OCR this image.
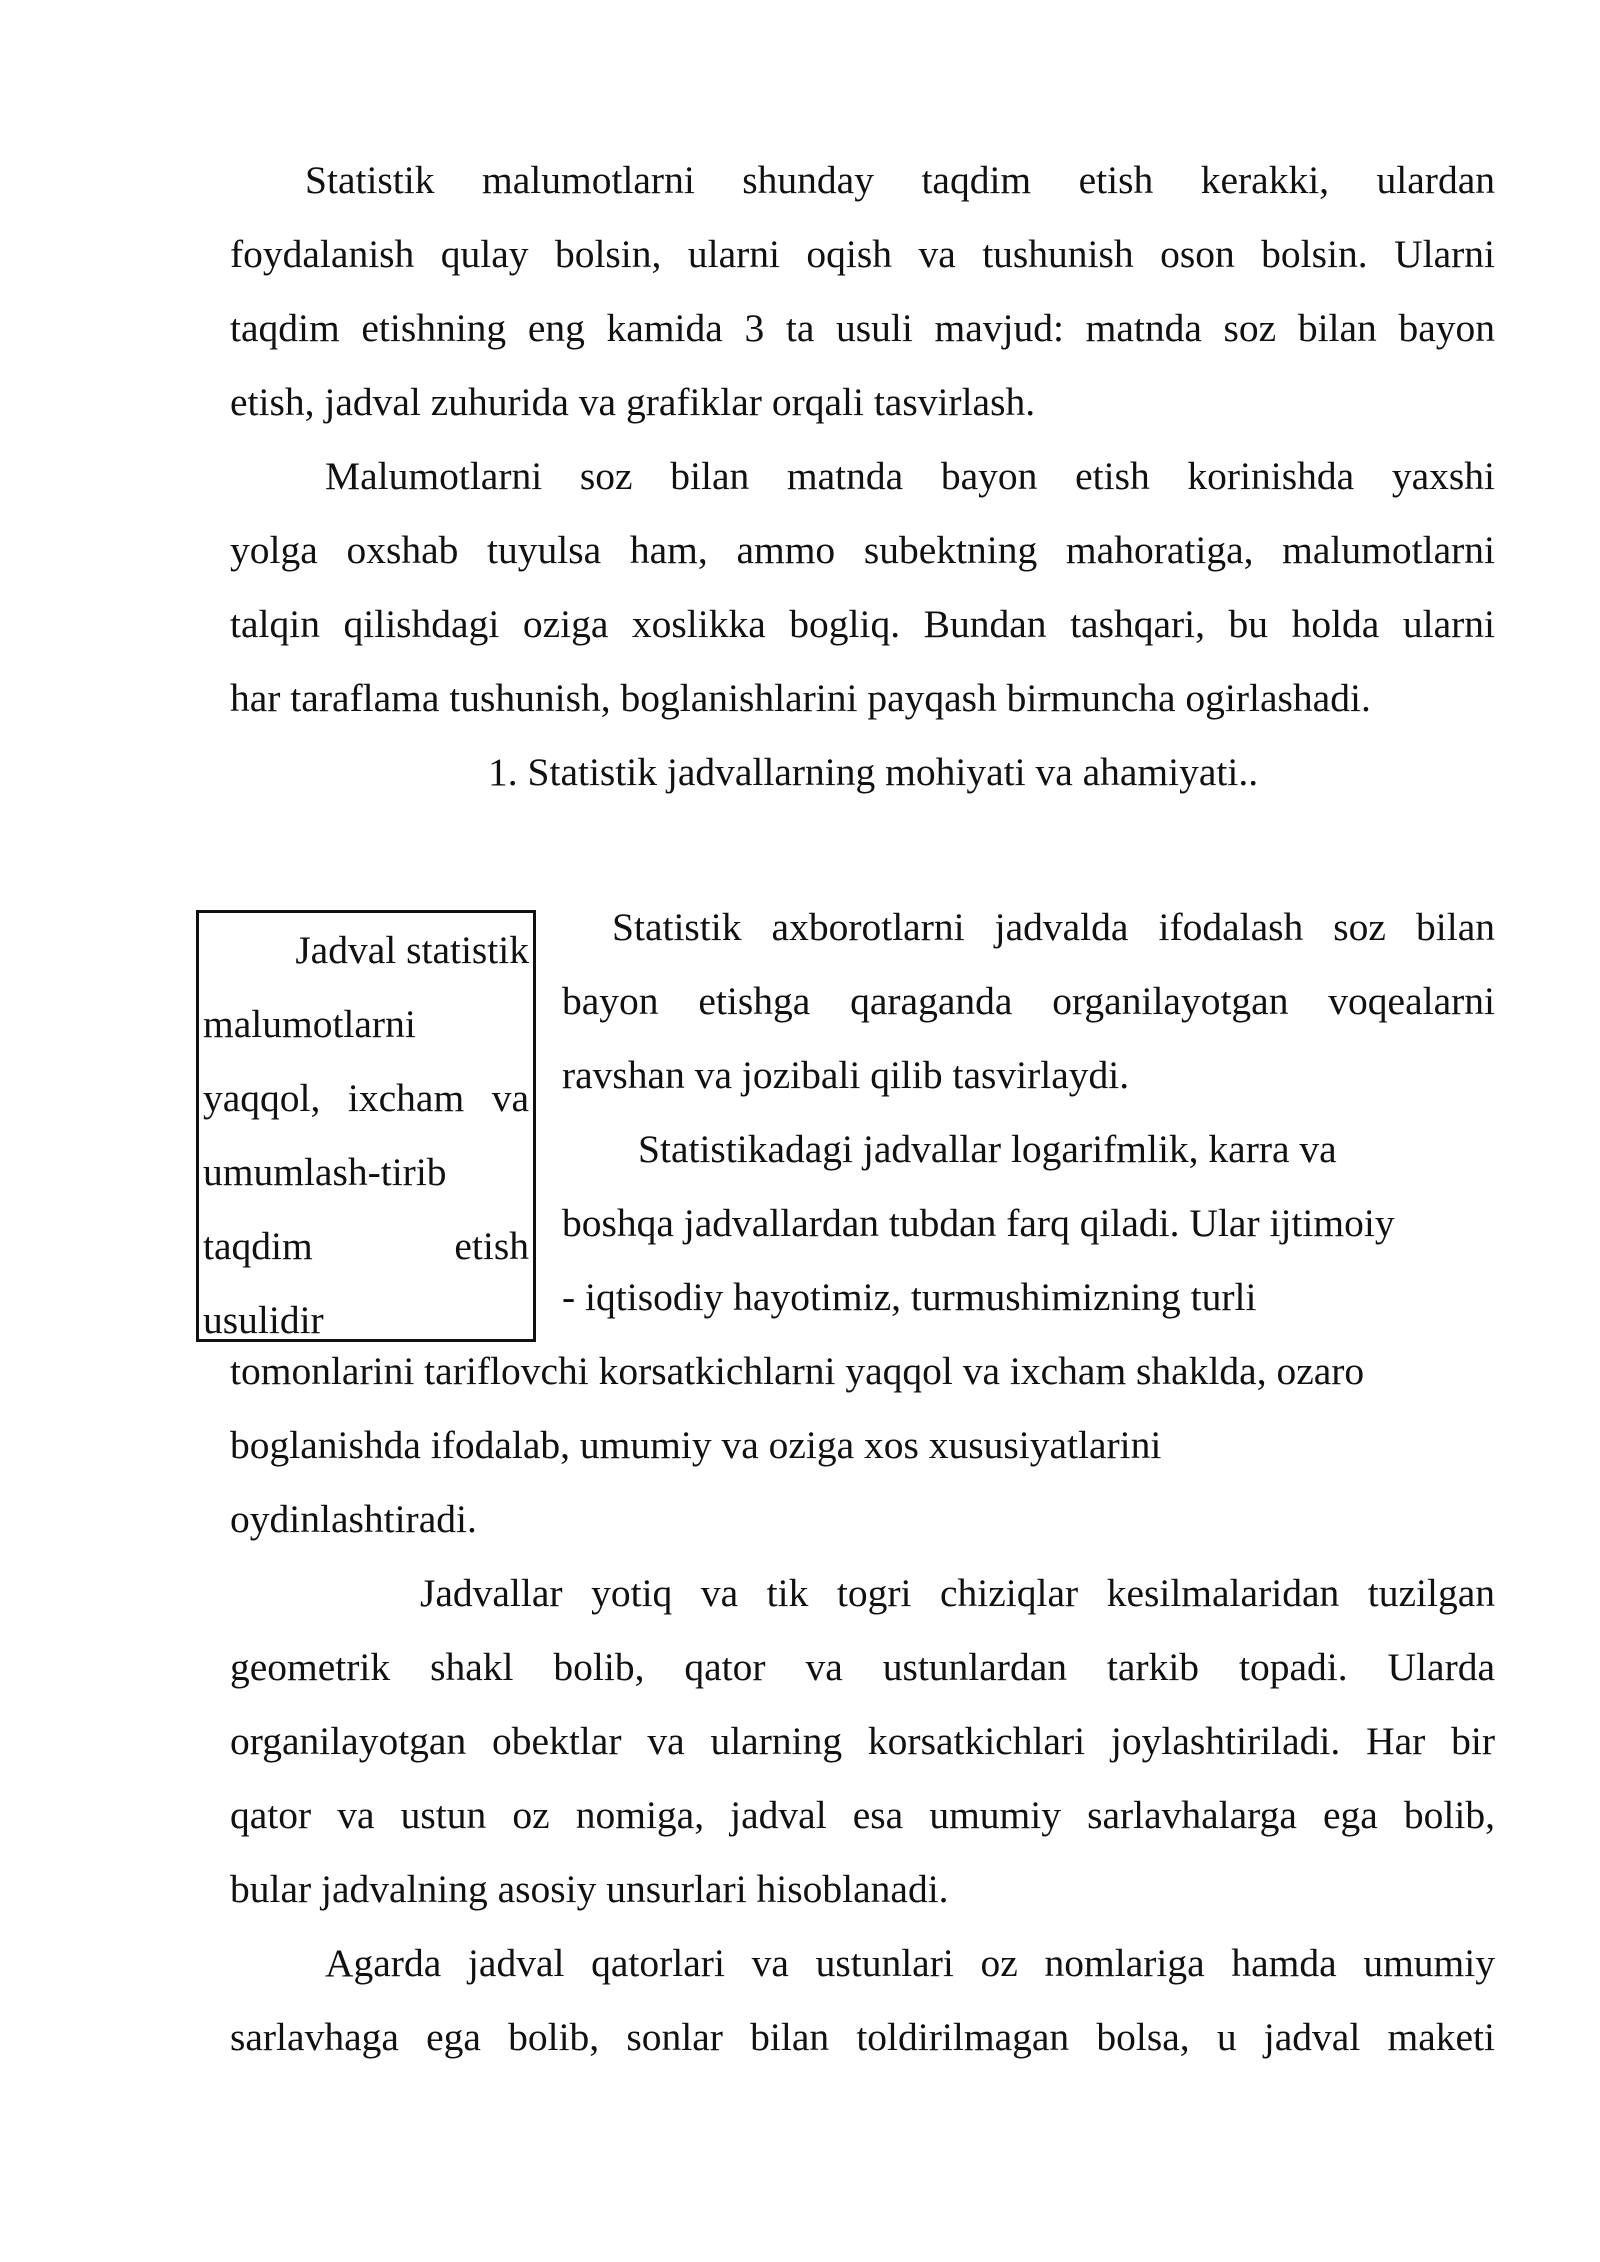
Statistik malumotlarni shunday taqdim etish kerakki, ulardan
foydalanish qulay bolsin, ularni oqish va tushunish oson bolsin. Ularni
taqdim etishning eng kamida 3 ta usuli mavjud: matnda soz bilan bayon
etish, jadval zuhurida va grafiklar orqali tasvirlash.
Malumotlarni soz bilan matnda bayon etish korinishda yaxshi
yolga oxshab tuyulsa ham, ammo subektning mahoratiga, malumotlarni
talqin qilishdagi oziga xoslikka bogliq. Bundan tashqari, bu holda ularni
har taraflama tushunish, boglanishlarini payqash birmuncha ogirlashadi.
1. Statistik jadvallarning mohiyati va ahamiyati..
Jadval statistik
malumotlarni
yaqqol, ixcham va
umumlash-tirib
taqdim etish
usulidir
Statistik axborotlarni jadvalda ifodalash soz bilan
bayon etishga qaraganda organilayotgan voqealarni
ravshan va jozibali qilib tasvirlaydi.
Statistikadagi jadvallar logarifmlik, karra va
boshqa jadvallardan tubdan farq qiladi. Ular ijtimoiy
- iqtisodiy hayotimiz, turmushimizning turli
tomonlarini tariflovchi korsatkichlarni yaqqol va ixcham shaklda, ozaro
boglanishda ifodalab, umumiy va oziga xos xususiyatlarini
oydinlashtiradi.
Jadvallar yotiq va tik togri chiziqlar kesilmalaridan tuzilgan
geometrik shakl bolib, qator va ustunlardan tarkib topadi. Ularda
organilayotgan obektlar va ularning korsatkichlari joylashtiriladi. Har bir
qator va ustun oz nomiga, jadval esa umumiy sarlavhalarga ega bolib,
bular jadvalning asosiy unsurlari hisoblanadi.
Agarda jadval qatorlari va ustunlari oz nomlariga hamda umumiy
sarlavhaga ega bolib, sonlar bilan toldirilmagan bolsa, u jadval maketi
